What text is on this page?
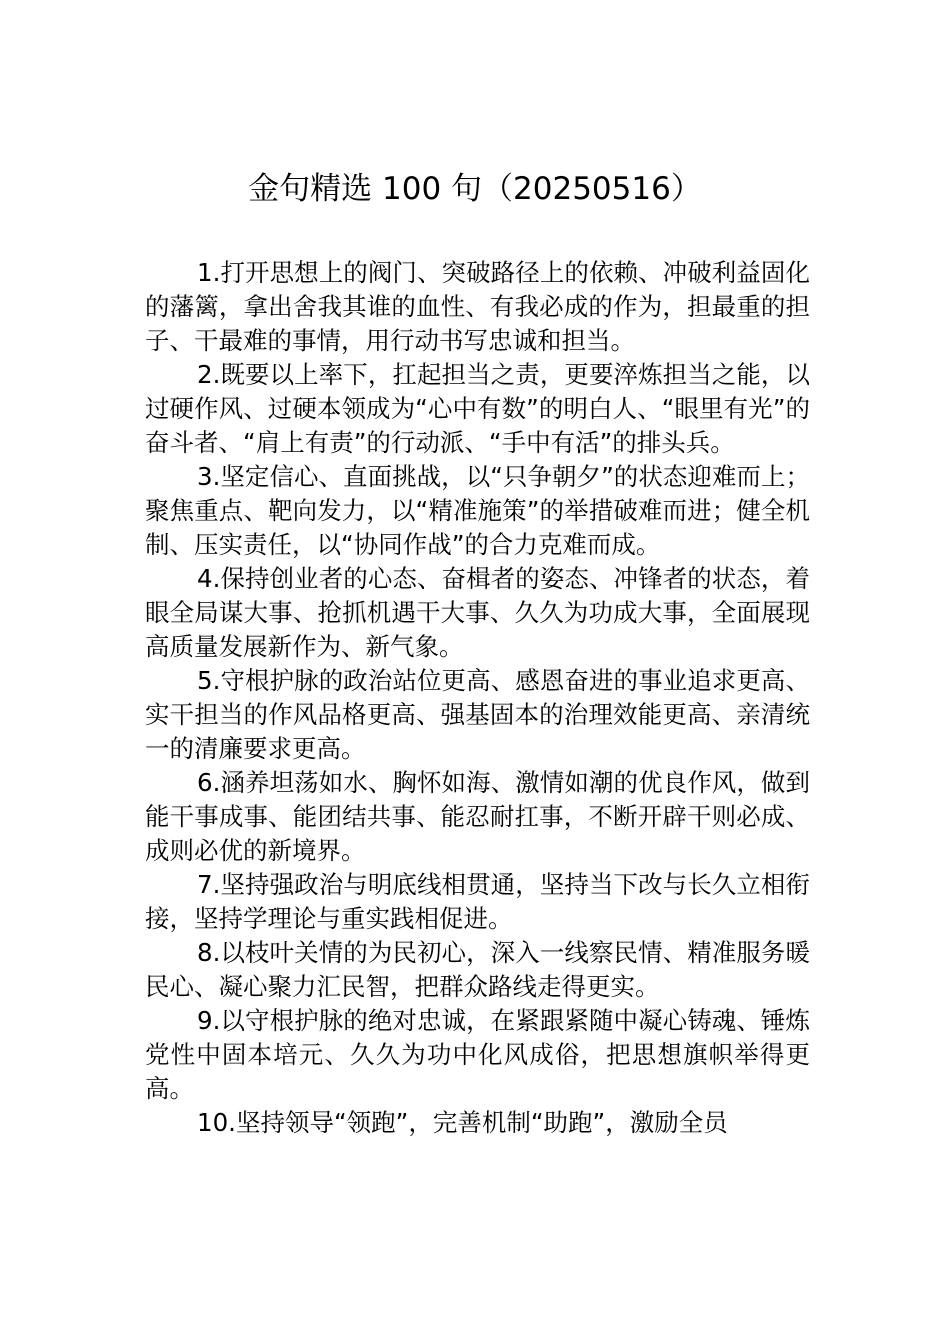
金句精选 100 句（20250516）

1.打开思想上的阀门、突破路径上的依赖、冲破利益固化的藩篱，拿出舍我其谁的血性、有我必成的作为，担最重的担子、干最难的事情，用行动书写忠诚和担当。

2.既要以上率下，扛起担当之责，更要淬炼担当之能，以过硬作风、过硬本领成为“心中有数”的明白人、“眼里有光”的奋斗者、“肩上有责”的行动派、“手中有活”的排头兵。

3.坚定信心、直面挑战，以“只争朝夕”的状态迎难而上；聚焦重点、靶向发力，以“精准施策”的举措破难而进；健全机制、压实责任，以“协同作战”的合力克难而成。

4.保持创业者的心态、奋楫者的姿态、冲锋者的状态，着眼全局谋大事、抢抓机遇干大事、久久为功成大事，全面展现高质量发展新作为、新气象。

5.守根护脉的政治站位更高、感恩奋进的事业追求更高、实干担当的作风品格更高、强基固本的治理效能更高、亲清统一的清廉要求更高。

6.涵养坦荡如水、胸怀如海、激情如潮的优良作风，做到能干事成事、能团结共事、能忍耐扛事，不断开辟干则必成、成则必优的新境界。

7.坚持强政治与明底线相贯通，坚持当下改与长久立相衔接，坚持学理论与重实践相促进。

8.以枝叶关情的为民初心，深入一线察民情、精准服务暖民心、凝心聚力汇民智，把群众路线走得更实。

9.以守根护脉的绝对忠诚，在紧跟紧随中凝心铸魂、锤炼党性中固本培元、久久为功中化风成俗，把思想旗帜举得更高。

10.坚持领导“领跑”，完善机制“助跑”，激励全员
